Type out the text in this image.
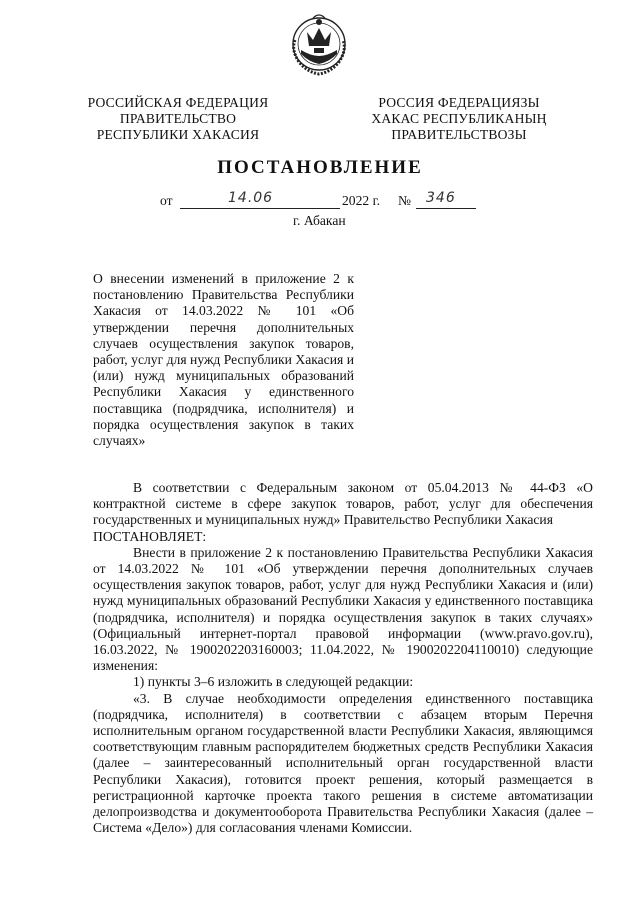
РОССИЙСКАЯ ФЕДЕРАЦИЯ
ПРАВИТЕЛЬСТВО
РЕСПУБЛИКИ ХАКАСИЯ
РОССИЯ ФЕДЕРАЦИЯЗЫ
ХАКАС РЕСПУБЛИКАНЫҢ
ПРАВИТЕЛЬСТВОЗЫ
ПОСТАНОВЛЕНИЕ
от	14.06	2022 г. № 346
г. Абакан

О внесении изменений в приложение 2 к постановлению Правительства Республики Хакасия от 14.03.2022 № 101 «Об утверждении перечня дополнительных случаев осуществления закупок товаров, работ, услуг для нужд Республики Хакасия и (или) нужд муниципальных образований Республики Хакасия у единственного поставщика (подрядчика, исполнителя) и порядка осуществления закупок в таких случаях»

В соответствии с Федеральным законом от 05.04.2013 № 44-ФЗ «О контрактной системе в сфере закупок товаров, работ, услуг для обеспечения государственных и муниципальных нужд» Правительство Республики Хакасия

ПОСТАНОВЛЯЕТ:

Внести в приложение 2 к постановлению Правительства Республики Хакасия от 14.03.2022 № 101 «Об утверждении перечня дополнительных случаев осуществления закупок товаров, работ, услуг для нужд Республики Хакасия и (или) нужд муниципальных образований Республики Хакасия у единственного поставщика (подрядчика, исполнителя) и порядка осуществления закупок в таких случаях» (Официальный интернет-портал правовой информации (www.pravo.gov.ru), 16.03.2022, № 1900202203160003; 11.04.2022, № 1900202204110010) следующие изменения:

1) пункты 3–6 изложить в следующей редакции:

«3. В случае необходимости определения единственного поставщика (подрядчика, исполнителя) в соответствии с абзацем вторым Перечня исполнительным органом государственной власти Республики Хакасия, являющимся соответствующим главным распорядителем бюджетных средств Республики Хакасия (далее – заинтересованный исполнительный орган государственной власти Республики Хакасия), готовится проект решения, который размещается в регистрационной карточке проекта такого решения в системе автоматизации делопроизводства и документооборота Правительства Республики Хакасия (далее – Система «Дело») для согласования членами Комиссии.
